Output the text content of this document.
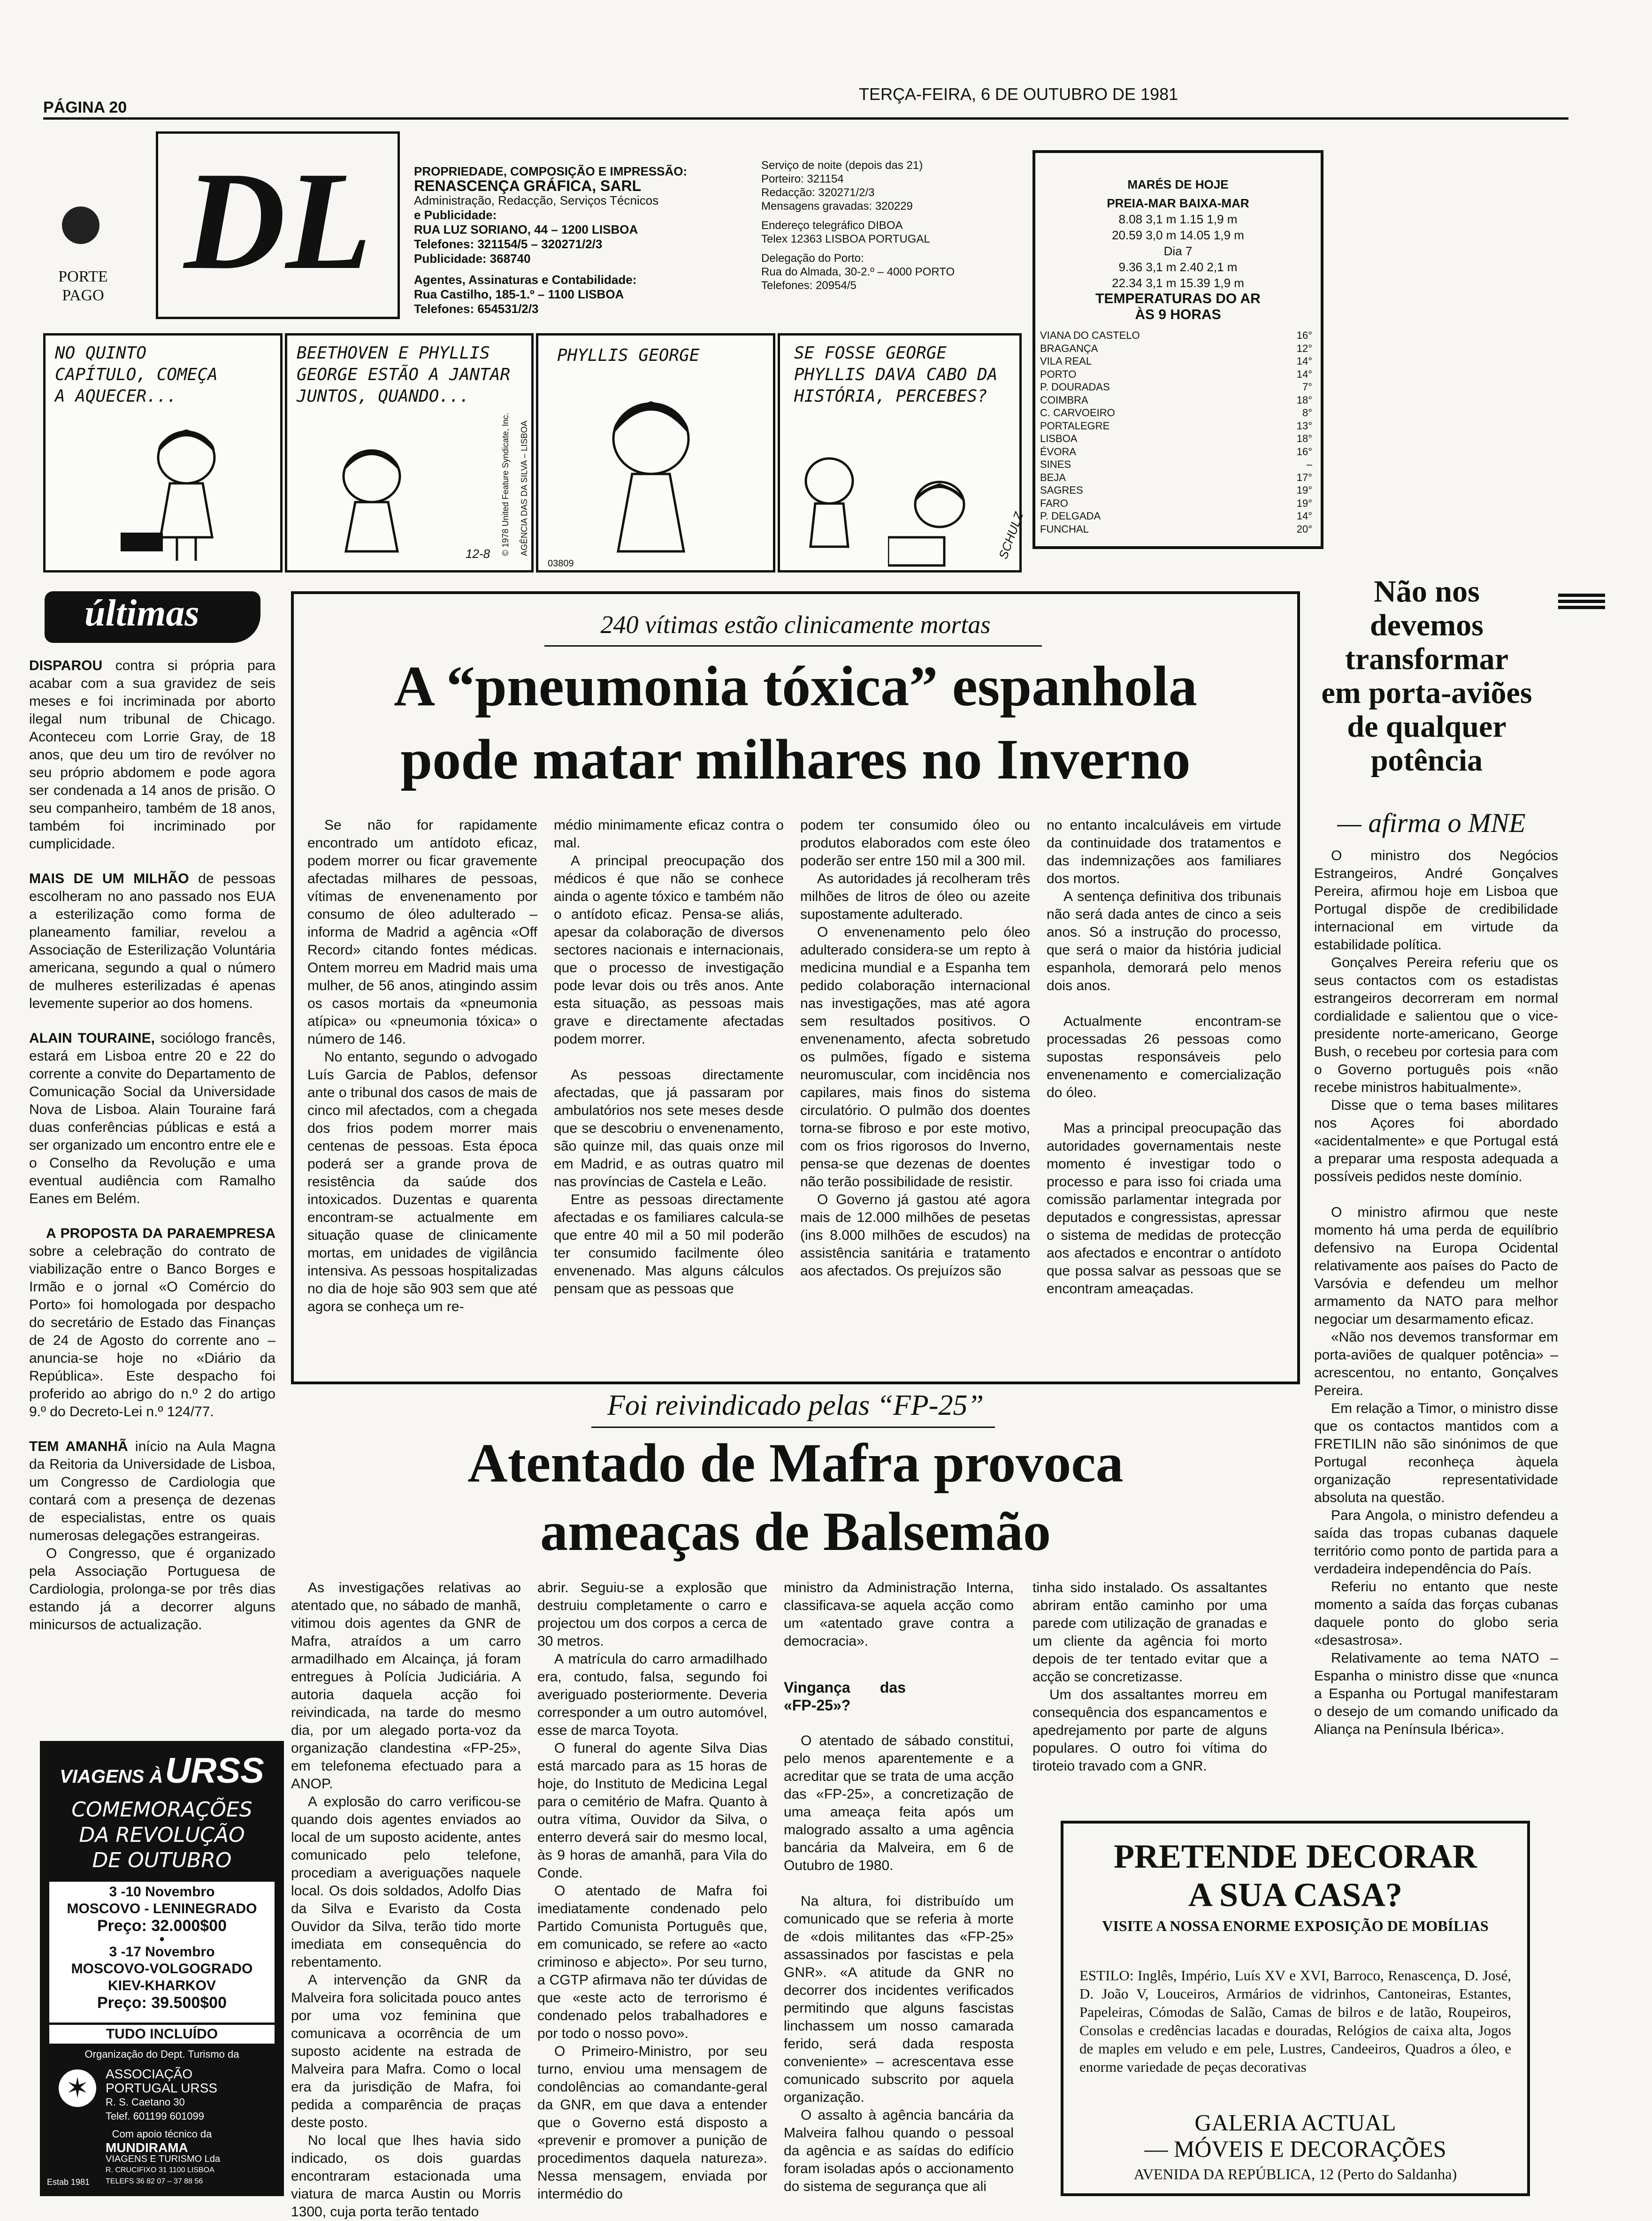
PÁGINA 20
TERÇA-FEIRA, 6 DE OUTUBRO DE 1981
PORTE
PAGO DL	PROPRIEDADE, COMPOSIÇÃO E IMPRESSÃO:
RENASCENÇA GRÁFICA, SARL
Administração, Redacção, Serviços Técnicos
e Publicidade:
RUA LUZ SORIANO, 44 – 1200 LISBOA
Telefones: 321154/5 – 320271/2/3
Publicidade: 368740
Agentes, Assinaturas e Contabilidade:
Rua Castilho, 185-1.º – 1100 LISBOA
Telefones: 654531/2/3
Serviço de noite (depois das 21)
Porteiro: 321154
Redacção: 320271/2/3
Mensagens gravadas: 320229
Endereço telegráfico DIBOA
Telex 12363 LISBOA PORTUGAL
Delegação do Porto:
Rua do Almada, 30-2.º – 4000 PORTO
Telefones: 20954/5
MARÉS DE HOJE
PREIA-MAR BAIXA-MAR
8.08 3,1 m 1.15 1,9 m
20.59 3,0 m 14.05 1,9 m
Dia 7
9.36 3,1 m 2.40 2,1 m
22.34 3,1 m 15.39 1,9 m
TEMPERATURAS DO AR
ÀS 9 HORAS
VIANA DO CASTELO	16°
BRAGANÇA	12°
VILA REAL	14°
PORTO	14°
P. DOURADAS	7°
COIMBRA	18°
C. CARVOEIRO	8°
PORTALEGRE	13°
LISBOA	18°
ÉVORA	16°
SINES	–
BEJA	17°
SAGRES	19°
FARO	19°
P. DELGADA	14°
FUNCHAL	20°
NO QUINTO CAPÍTULO, COMEÇA A AQUECER...
BEETHOVEN E PHYLLIS GEORGE ESTÃO A JANTAR JUNTOS, QUANDO...
12-8	AGÊNCIA DAS DA SILVA – LISBOA
© 1978 United Feature Syndicate, Inc.
03809
PHYLLIS GEORGE	SE FOSSE GEORGE PHYLLIS DAVA CABO DA HISTÓRIA, PERCEBES?
SCHULZ
últimas

DISPAROU contra si própria para acabar com a sua gravidez de seis meses e foi incriminada por aborto ilegal num tribunal de Chicago. Aconteceu com Lorrie Gray, de 18 anos, que deu um tiro de revólver no seu próprio abdomem e pode agora ser condenada a 14 anos de prisão. O seu companheiro, também de 18 anos, também foi incriminado por cumplicidade.

MAIS DE UM MILHÃO de pessoas escolheram no ano passado nos EUA a esterilização como forma de planeamento familiar, revelou a Associação de Esterilização Voluntária americana, segundo a qual o número de mulheres esterilizadas é apenas levemente superior ao dos homens.

ALAIN TOURAINE, sociólogo francês, estará em Lisboa entre 20 e 22 do corrente a convite do Departamento de Comunicação Social da Universidade Nova de Lisboa. Alain Touraine fará duas conferências públicas e está a ser organizado um encontro entre ele e o Conselho da Revolução e uma eventual audiência com Ramalho Eanes em Belém.

A PROPOSTA DA PARAEMPRESA sobre a celebração do contrato de viabilização entre o Banco Borges e Irmão e o jornal «O Comércio do Porto» foi homologada por despacho do secretário de Estado das Finanças de 24 de Agosto do corrente ano – anuncia-se hoje no «Diário da República». Este despacho foi proferido ao abrigo do n.º 2 do artigo 9.º do Decreto-Lei n.º 124/77.

TEM AMANHÃ início na Aula Magna da Reitoria da Universidade de Lisboa, um Congresso de Cardiologia que contará com a presença de dezenas de especialistas, entre os quais numerosas delegações estrangeiras.

O Congresso, que é organizado pela Associação Portuguesa de Cardiologia, prolonga-se por três dias estando já a decorrer alguns minicursos de actualização.

VIAGENS À URSS
COMEMORAÇÕES
DA REVOLUÇÃO
DE OUTUBRO
3 -10 Novembro
MOSCOVO - LENINEGRADO
Preço: 32.000$00
●
3 -17 Novembro
MOSCOVO-VOLGOGRADO
KIEV-KHARKOV
Preço: 39.500$00
TUDO INCLUÍDO
Organização do Dept. Turismo da
✶	ASSOCIAÇÃO
PORTUGAL URSS
R. S. Caetano 30
Telef. 601199 601099
Com apoio técnico da
MUNDIRAMA
VIAGENS E TURISMO Lda
R. CRUCIFIXO 31 1100 LISBOA
TELEFS 36 82 07 – 37 88 56
Estab 1981
240 vítimas estão clinicamente mortas
A “pneumonia tóxica” espanhola
pode matar milhares no Inverno

Se não for rapidamente encontrado um antídoto eficaz, podem morrer ou ficar gravemente afectadas milhares de pessoas, vítimas de envenenamento por consumo de óleo adulterado – informa de Madrid a agência «Off Record» citando fontes médicas. Ontem morreu em Madrid mais uma mulher, de 56 anos, atingindo assim os casos mortais da «pneumonia atípica» ou «pneumonia tóxica» o número de 146.

No entanto, segundo o advogado Luís Garcia de Pablos, defensor ante o tribunal dos casos de mais de cinco mil afectados, com a chegada dos frios podem morrer mais centenas de pessoas. Esta época poderá ser a grande prova de resistência da saúde dos intoxicados. Duzentas e quarenta encontram-se actualmente em situação quase de clinicamente mortas, em unidades de vigilância intensiva. As pessoas hospitalizadas no dia de hoje são 903 sem que até agora se conheça um re-

médio minimamente eficaz contra o mal.

A principal preocupação dos médicos é que não se conhece ainda o agente tóxico e também não o antídoto eficaz. Pensa-se aliás, apesar da colaboração de diversos sectores nacionais e internacionais, que o processo de investigação pode levar dois ou três anos. Ante esta situação, as pessoas mais grave e directamente afectadas podem morrer.

As pessoas directamente afectadas, que já passaram por ambulatórios nos sete meses desde que se descobriu o envenenamento, são quinze mil, das quais onze mil em Madrid, e as outras quatro mil nas províncias de Castela e Leão.

Entre as pessoas directamente afectadas e os familiares calcula-se que entre 40 mil a 50 mil poderão ter consumido facilmente óleo envenenado. Mas alguns cálculos pensam que as pessoas que

podem ter consumido óleo ou produtos elaborados com este óleo poderão ser entre 150 mil a 300 mil.

As autoridades já recolheram três milhões de litros de óleo ou azeite supostamente adulterado.

O envenenamento pelo óleo adulterado considera-se um repto à medicina mundial e a Espanha tem pedido colaboração internacional nas investigações, mas até agora sem resultados positivos. O envenenamento, afecta sobretudo os pulmões, fígado e sistema neuromuscular, com incidência nos capilares, mais finos do sistema circulatório. O pulmão dos doentes torna-se fibroso e por este motivo, com os frios rigorosos do Inverno, pensa-se que dezenas de doentes não terão possibilidade de resistir.

O Governo já gastou até agora mais de 12.000 milhões de pesetas (ins 8.000 milhões de escudos) na assistência sanitária e tratamento aos afectados. Os prejuízos são

no entanto incalculáveis em virtude da continuidade dos tratamentos e das indemnizações aos familiares dos mortos.

A sentença definitiva dos tribunais não será dada antes de cinco a seis anos. Só a instrução do processo, que será o maior da história judicial espanhola, demorará pelo menos dois anos.

Actualmente encontram-se processadas 26 pessoas como supostas responsáveis pelo envenenamento e comercialização do óleo.

Mas a principal preocupação das autoridades governamentais neste momento é investigar todo o processo e para isso foi criada uma comissão parlamentar integrada por deputados e congressistas, apressar o sistema de medidas de protecção aos afectados e encontrar o antídoto que possa salvar as pessoas que se encontram ameaçadas.

Não nos
devemos
transformar
em porta-aviões
de qualquer
potência
— afirma o MNE

O ministro dos Negócios Estrangeiros, André Gonçalves Pereira, afirmou hoje em Lisboa que Portugal dispõe de credibilidade internacional em virtude da estabilidade política.

Gonçalves Pereira referiu que os seus contactos com os estadistas estrangeiros decorreram em normal cordialidade e salientou que o vice-presidente norte-americano, George Bush, o recebeu por cortesia para com o Governo português pois «não recebe ministros habitualmente».

Disse que o tema bases militares nos Açores foi abordado «acidentalmente» e que Portugal está a preparar uma resposta adequada a possíveis pedidos neste domínio.

O ministro afirmou que neste momento há uma perda de equilíbrio defensivo na Europa Ocidental relativamente aos países do Pacto de Varsóvia e defendeu um melhor armamento da NATO para melhor negociar um desarmamento eficaz.

«Não nos devemos transformar em porta-aviões de qualquer potência» – acrescentou, no entanto, Gonçalves Pereira.

Em relação a Timor, o ministro disse que os contactos mantidos com a FRETILIN não são sinónimos de que Portugal reconheça àquela organização representatividade absoluta na questão.

Para Angola, o ministro defendeu a saída das tropas cubanas daquele território como ponto de partida para a verdadeira independência do País.

Referiu no entanto que neste momento a saída das forças cubanas daquele ponto do globo seria «desastrosa».

Relativamente ao tema NATO – Espanha o ministro disse que «nunca a Espanha ou Portugal manifestaram o desejo de um comando unificado da Aliança na Península Ibérica».

Foi reivindicado pelas “FP-25”
Atentado de Mafra provoca
ameaças de Balsemão

As investigações relativas ao atentado que, no sábado de manhã, vitimou dois agentes da GNR de Mafra, atraídos a um carro armadilhado em Alcainça, já foram entregues à Polícia Judiciária. A autoria daquela acção foi reivindicada, na tarde do mesmo dia, por um alegado porta-voz da organização clandestina «FP-25», em telefonema efectuado para a ANOP.

A explosão do carro verificou-se quando dois agentes enviados ao local de um suposto acidente, antes comunicado pelo telefone, procediam a averiguações naquele local. Os dois soldados, Adolfo Dias da Silva e Evaristo da Costa Ouvidor da Silva, terão tido morte imediata em consequência do rebentamento.

A intervenção da GNR da Malveira fora solicitada pouco antes por uma voz feminina que comunicava a ocorrência de um suposto acidente na estrada de Malveira para Mafra. Como o local era da jurisdição de Mafra, foi pedida a comparência de praças deste posto.

No local que lhes havia sido indicado, os dois guardas encontraram estacionada uma viatura de marca Austin ou Morris 1300, cuja porta terão tentado

abrir. Seguiu-se a explosão que destruiu completamente o carro e projectou um dos corpos a cerca de 30 metros.

A matrícula do carro armadilhado era, contudo, falsa, segundo foi averiguado posteriormente. Deveria corresponder a um outro automóvel, esse de marca Toyota.

O funeral do agente Silva Dias está marcado para as 15 horas de hoje, do Instituto de Medicina Legal para o cemitério de Mafra. Quanto à outra vítima, Ouvidor da Silva, o enterro deverá sair do mesmo local, às 9 horas de amanhã, para Vila do Conde.

O atentado de Mafra foi imediatamente condenado pelo Partido Comunista Português que, em comunicado, se refere ao «acto criminoso e abjecto». Por seu turno, a CGTP afirmava não ter dúvidas de que «este acto de terrorismo é condenado pelos trabalhadores e por todo o nosso povo».

O Primeiro-Ministro, por seu turno, enviou uma mensagem de condolências ao comandante-geral da GNR, em que dava a entender que o Governo está disposto a «prevenir e promover a punição de procedimentos daquela natureza». Nessa mensagem, enviada por intermédio do

ministro da Administração Interna, classificava-se aquela acção como um «atentado grave contra a democracia».

Vingança das «FP-25»?

O atentado de sábado constitui, pelo menos aparentemente e a acreditar que se trata de uma acção das «FP-25», a concretização de uma ameaça feita após um malogrado assalto a uma agência bancária da Malveira, em 6 de Outubro de 1980.

Na altura, foi distribuído um comunicado que se referia à morte de «dois militantes das «FP-25» assassinados por fascistas e pela GNR». «A atitude da GNR no decorrer dos incidentes verificados permitindo que alguns fascistas linchassem um nosso camarada ferido, será dada resposta conveniente» – acrescentava esse comunicado subscrito por aquela organização.

O assalto à agência bancária da Malveira falhou quando o pessoal da agência e as saídas do edifício foram isoladas após o accionamento do sistema de segurança que ali

tinha sido instalado. Os assaltantes abriram então caminho por uma parede com utilização de granadas e um cliente da agência foi morto depois de ter tentado evitar que a acção se concretizasse.

Um dos assaltantes morreu em consequência dos espancamentos e apedrejamento por parte de alguns populares. O outro foi vítima do tiroteio travado com a GNR.

PRETENDE DECORAR
A SUA CASA?
VISITE A NOSSA ENORME EXPOSIÇÃO DE MOBÍLIAS
ESTILO: Inglês, Império, Luís XV e XVI, Barroco, Renascença, D. José, D. João V, Louceiros, Armários de vidrinhos, Cantoneiras, Estantes, Papeleiras, Cómodas de Salão, Camas de bilros e de latão, Roupeiros, Consolas e credências lacadas e douradas, Relógios de caixa alta, Jogos de maples em veludo e em pele, Lustres, Candeeiros, Quadros a óleo, e enorme variedade de peças decorativas
GALERIA ACTUAL
— MÓVEIS E DECORAÇÕES
AVENIDA DA REPÚBLICA, 12 (Perto do Saldanha)
